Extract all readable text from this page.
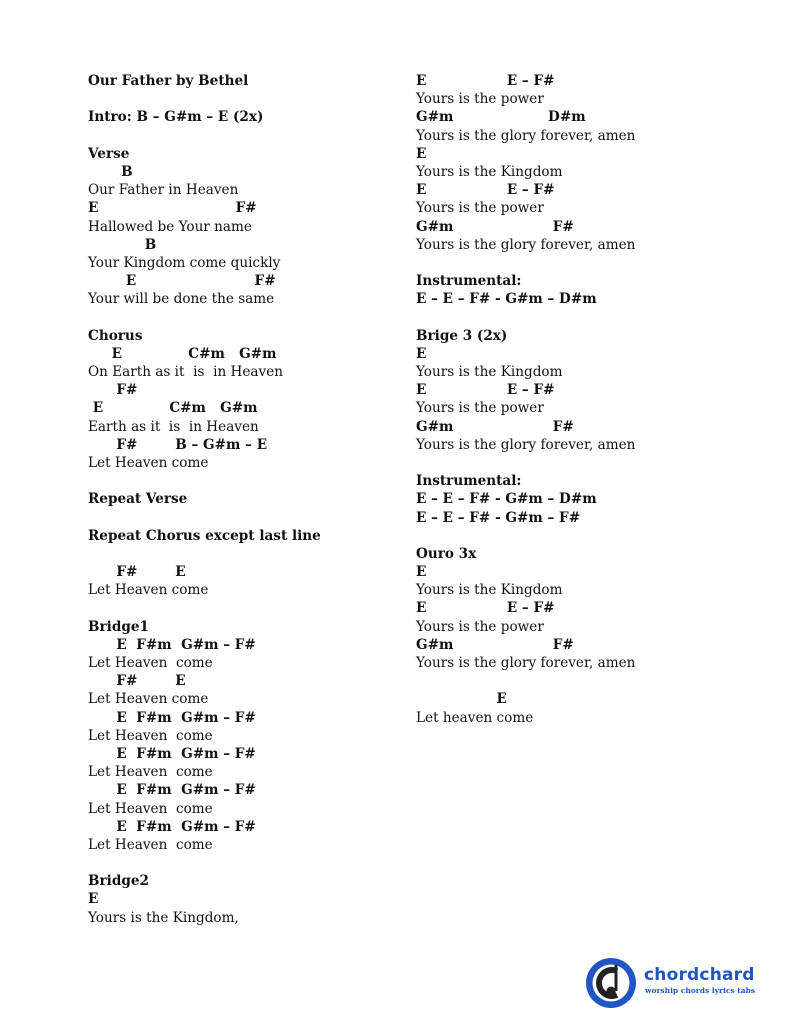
Our Father by Bethel
Intro: B – G#m – E (2x)
Verse
B
Our Father in Heaven
E                             F#
Hallowed be Your name
B
Your Kingdom come quickly
E                         F#
Your will be done the same
Chorus
E              C#m   G#m
On Earth as it  is  in Heaven
F#
E              C#m   G#m
Earth as it  is  in Heaven
F#        B – G#m – E
Let Heaven come
Repeat Verse
Repeat Chorus except last line
F#        E
Let Heaven come
Bridge1
E  F#m  G#m – F#
Let Heaven  come
F#        E
Let Heaven come
E  F#m  G#m – F#
Let Heaven  come
E  F#m  G#m – F#
Let Heaven  come
E  F#m  G#m – F#
Let Heaven  come
E  F#m  G#m – F#
Let Heaven  come
Bridge2
E
Yours is the Kingdom,
E                 E – F#
Yours is the power
G#m                    D#m
Yours is the glory forever, amen
E
Yours is the Kingdom
E                 E – F#
Yours is the power
G#m                     F#
Yours is the glory forever, amen
Instrumental:
E – E – F# - G#m – D#m
Brige 3 (2x)
E
Yours is the Kingdom
E                 E – F#
Yours is the power
G#m                     F#
Yours is the glory forever, amen
Instrumental:
E – E – F# - G#m – D#m
E – E – F# - G#m – F#
Ouro 3x
E
Yours is the Kingdom
E                 E – F#
Yours is the power
G#m                     F#
Yours is the glory forever, amen
E
Let heaven come
chordchard
worship chords lyrics tabs
